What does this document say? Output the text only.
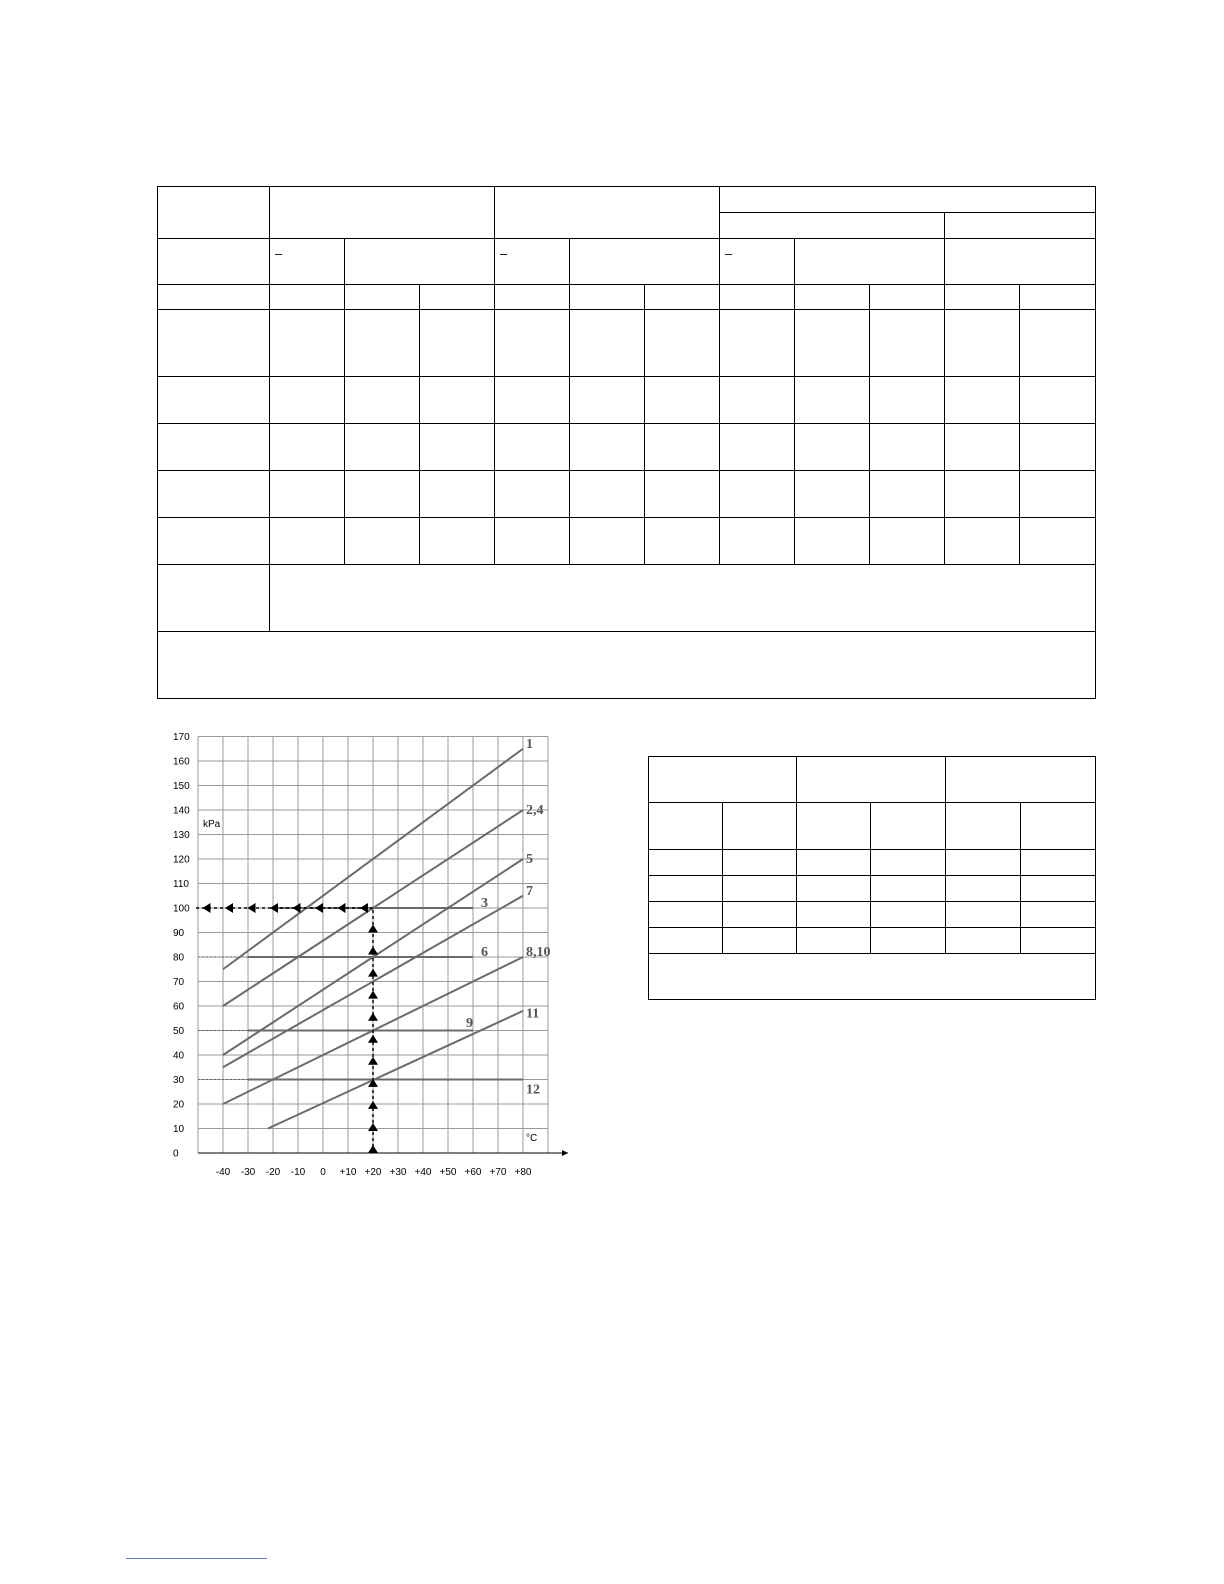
	–			–			–				

170
160
150
140
130
120
110
100
90
80
70
60
50
40
30
20
10
0
-40 -30 -20 -10 0 +10 +20 +30 +40 +50 +60 +70 +80
kPa
°C
1
2,4
5
3
7
6	8,10
9
11
12
